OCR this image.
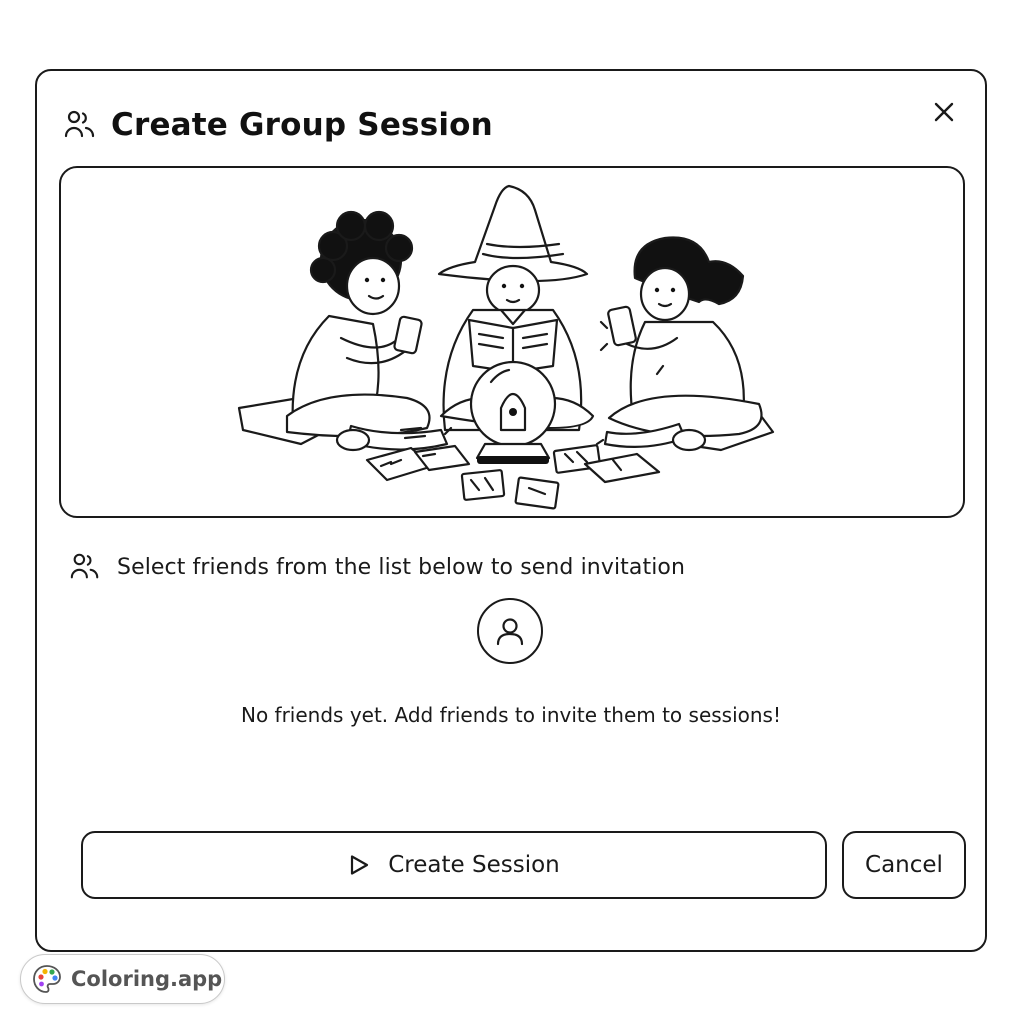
Create Group Session
Select friends from the list below to send invitation
No friends yet. Add friends to invite them to sessions!
Create Session	Cancel
Coloring.app
